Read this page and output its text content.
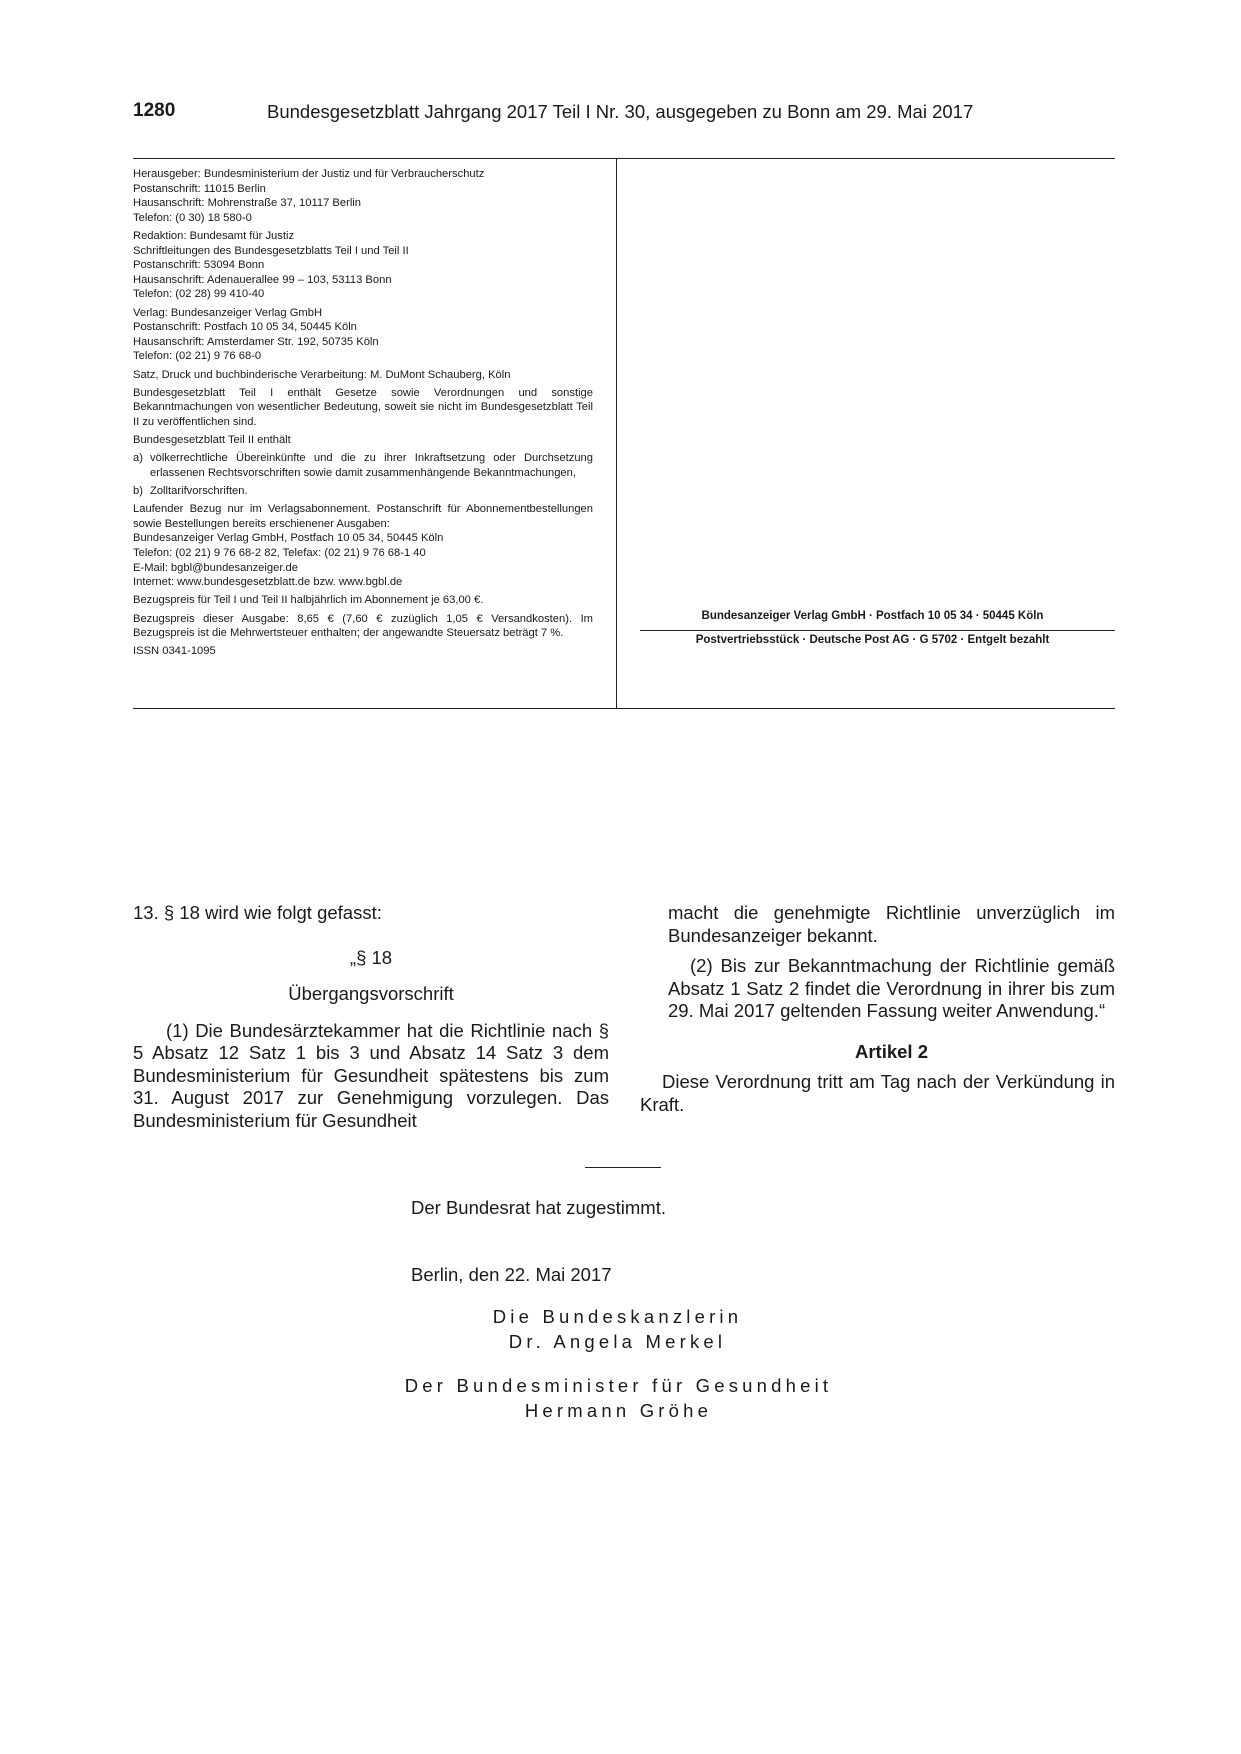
1280	Bundesgesetzblatt Jahrgang 2017 Teil I Nr. 30, ausgegeben zu Bonn am 29. Mai 2017

Herausgeber: Bundesministerium der Justiz und für Verbraucherschutz
Postanschrift: 11015 Berlin
Hausanschrift: Mohrenstraße 37, 10117 Berlin
Telefon: (0 30) 18 580-0

Redaktion: Bundesamt für Justiz
Schriftleitungen des Bundesgesetzblatts Teil I und Teil II
Postanschrift: 53094 Bonn
Hausanschrift: Adenauerallee 99 – 103, 53113 Bonn
Telefon: (02 28) 99 410-40

Verlag: Bundesanzeiger Verlag GmbH
Postanschrift: Postfach 10 05 34, 50445 Köln
Hausanschrift: Amsterdamer Str. 192, 50735 Köln
Telefon: (02 21) 9 76 68-0

Satz, Druck und buchbinderische Verarbeitung: M. DuMont Schauberg, Köln

Bundesgesetzblatt Teil I enthält Gesetze sowie Verordnungen und sonstige Bekanntmachungen von wesentlicher Bedeutung, soweit sie nicht im Bundesgesetzblatt Teil II zu veröffentlichen sind.

Bundesgesetzblatt Teil II enthält

a) völkerrechtliche Übereinkünfte und die zu ihrer Inkraftsetzung oder Durchsetzung erlassenen Rechtsvorschriften sowie damit zusammenhängende Bekanntmachungen,
b) Zolltarifvorschriften.

Laufender Bezug nur im Verlagsabonnement. Postanschrift für Abonnementbestellungen sowie Bestellungen bereits erschienener Ausgaben:
Bundesanzeiger Verlag GmbH, Postfach 10 05 34, 50445 Köln
Telefon: (02 21) 9 76 68-2 82, Telefax: (02 21) 9 76 68-1 40
E-Mail: bgbl@bundesanzeiger.de
Internet: www.bundesgesetzblatt.de bzw. www.bgbl.de

Bezugspreis für Teil I und Teil II halbjährlich im Abonnement je 63,00 €.

Bezugspreis dieser Ausgabe: 8,65 € (7,60 € zuzüglich 1,05 € Versandkosten). Im Bezugspreis ist die Mehrwertsteuer enthalten; der angewandte Steuersatz beträgt 7 %.

ISSN 0341-1095

Bundesanzeiger Verlag GmbH · Postfach 10 05 34 · 50445 Köln
Postvertriebsstück · Deutsche Post AG · G 5702 · Entgelt bezahlt

13. § 18 wird wie folgt gefasst:

„§ 18

Übergangsvorschrift

(1) Die Bundesärztekammer hat die Richtlinie nach § 5 Absatz 12 Satz 1 bis 3 und Absatz 14 Satz 3 dem Bundesministerium für Gesundheit spätestens bis zum 31. August 2017 zur Genehmigung vorzulegen. Das Bundesministerium für Gesundheit

macht die genehmigte Richtlinie unverzüglich im Bundesanzeiger bekannt.

(2) Bis zur Bekanntmachung der Richtlinie gemäß Absatz 1 Satz 2 findet die Verordnung in ihrer bis zum 29. Mai 2017 geltenden Fassung weiter Anwendung.“

Artikel 2

Diese Verordnung tritt am Tag nach der Verkündung in Kraft.

Der Bundesrat hat zugestimmt.
Berlin, den 22. Mai 2017
Die Bundeskanzlerin
Dr. Angela Merkel
Der Bundesminister für Gesundheit
Hermann Gröhe
